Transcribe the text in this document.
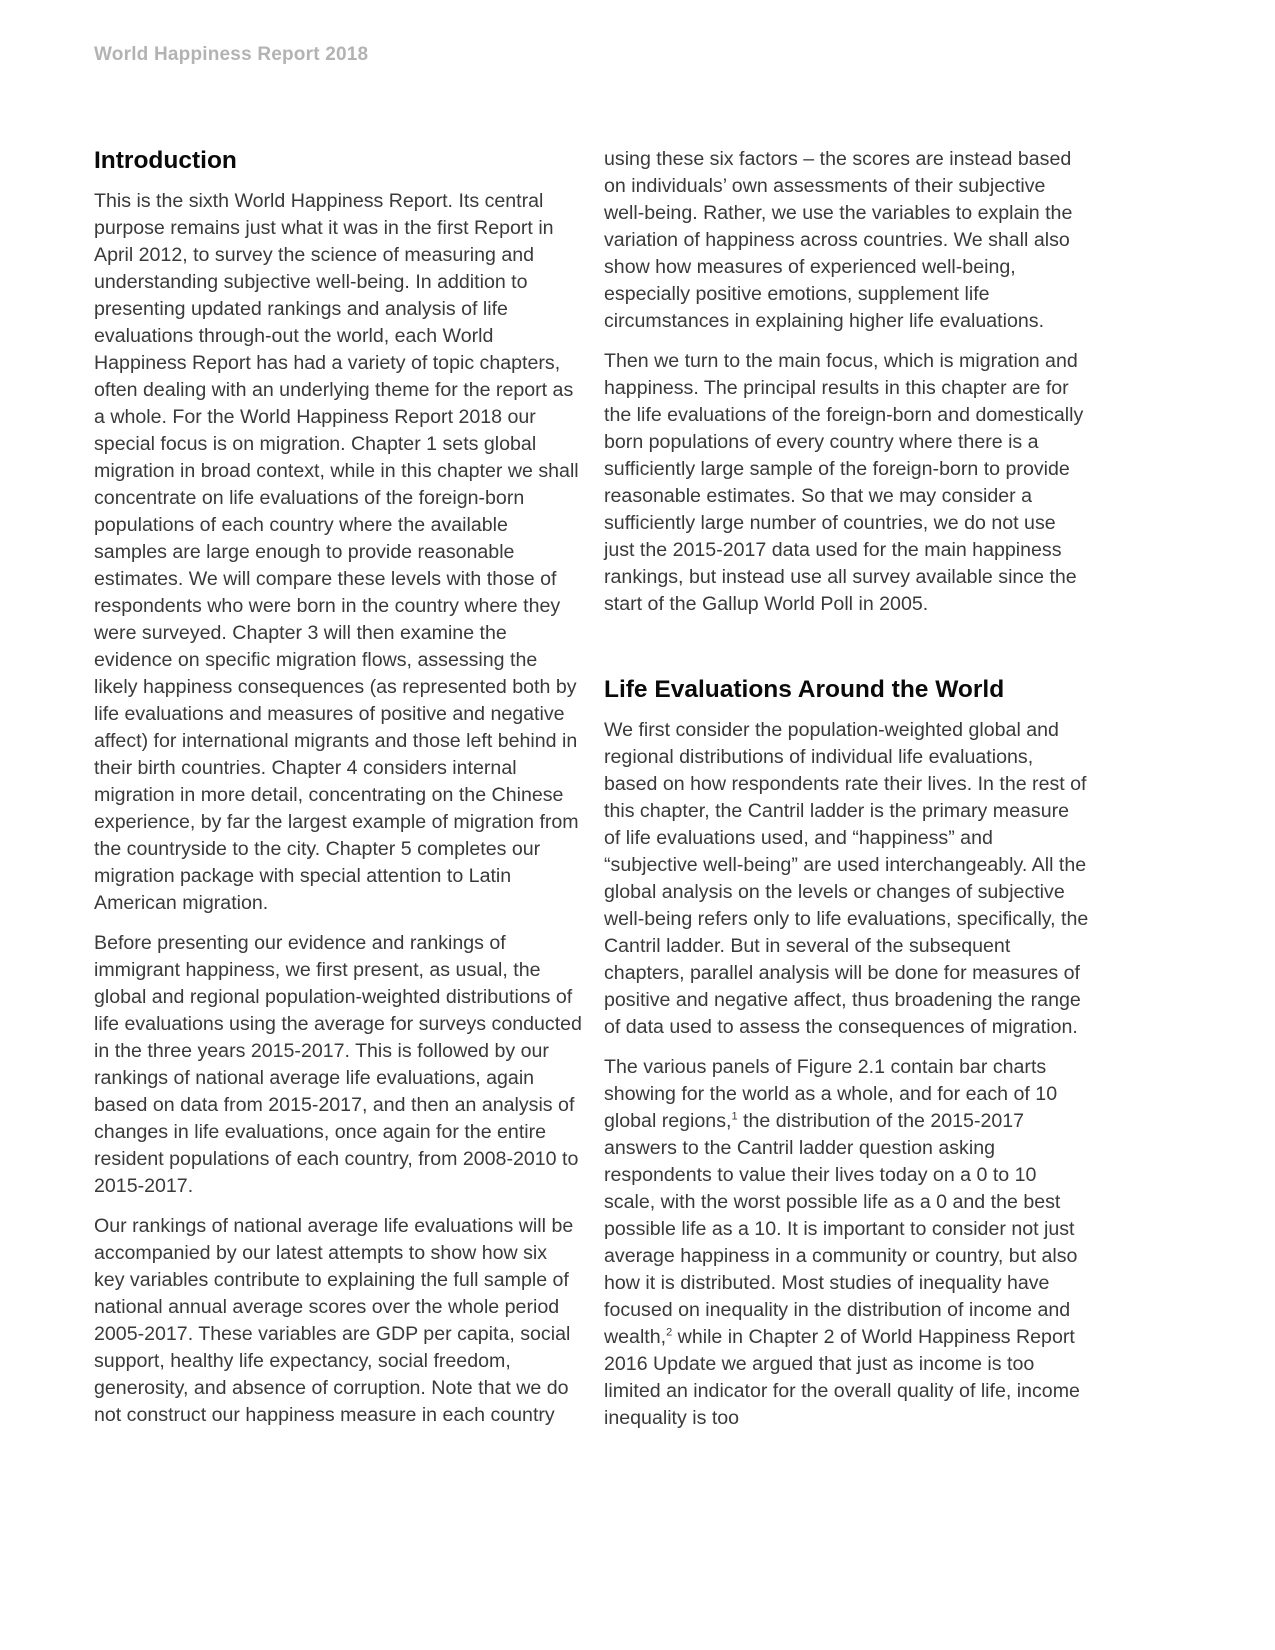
World Happiness Report 2018
Introduction

This is the sixth World Happiness Report. Its central purpose remains just what it was in the first Report in April 2012, to survey the science of measuring and understanding subjective well-being. In addition to presenting updated rankings and analysis of life evaluations through-out the world, each World Happiness Report has had a variety of topic chapters, often dealing with an underlying theme for the report as a whole. For the World Happiness Report 2018 our special focus is on migration. Chapter 1 sets global migration in broad context, while in this chapter we shall concentrate on life evaluations of the foreign-born populations of each country where the available samples are large enough to provide reasonable estimates. We will compare these levels with those of respondents who were born in the country where they were surveyed. Chapter 3 will then examine the evidence on specific migration flows, assessing the likely happiness consequences (as represented both by life evaluations and measures of positive and negative affect) for international migrants and those left behind in their birth countries. Chapter 4 considers internal migration in more detail, concentrating on the Chinese experience, by far the largest example of migration from the countryside to the city. Chapter 5 completes our migration package with special attention to Latin American migration.

Before presenting our evidence and rankings of immigrant happiness, we first present, as usual, the global and regional population-weighted distributions of life evaluations using the average for surveys conducted in the three years 2015-2017. This is followed by our rankings of national average life evaluations, again based on data from 2015-2017, and then an analysis of changes in life evaluations, once again for the entire resident populations of each country, from 2008-2010 to 2015-2017.

Our rankings of national average life evaluations will be accompanied by our latest attempts to show how six key variables contribute to explaining the full sample of national annual average scores over the whole period 2005-2017. These variables are GDP per capita, social support, healthy life expectancy, social freedom, generosity, and absence of corruption. Note that we do not construct our happiness measure in each country

using these six factors – the scores are instead based on individuals’ own assessments of their subjective well-being. Rather, we use the variables to explain the variation of happiness across countries. We shall also show how measures of experienced well-being, especially positive emotions, supplement life circumstances in explaining higher life evaluations.

Then we turn to the main focus, which is migration and happiness. The principal results in this chapter are for the life evaluations of the foreign-born and domestically born populations of every country where there is a sufficiently large sample of the foreign-born to provide reasonable estimates. So that we may consider a sufficiently large number of countries, we do not use just the 2015-2017 data used for the main happiness rankings, but instead use all survey available since the start of the Gallup World Poll in 2005.

Life Evaluations Around the World

We first consider the population-weighted global and regional distributions of individual life evaluations, based on how respondents rate their lives. In the rest of this chapter, the Cantril ladder is the primary measure of life evaluations used, and “happiness” and “subjective well-being” are used interchangeably. All the global analysis on the levels or changes of subjective well-being refers only to life evaluations, specifically, the Cantril ladder. But in several of the subsequent chapters, parallel analysis will be done for measures of positive and negative affect, thus broadening the range of data used to assess the consequences of migration.

The various panels of Figure 2.1 contain bar charts showing for the world as a whole, and for each of 10 global regions,$^1$ the distribution of the 2015-2017 answers to the Cantril ladder question asking respondents to value their lives today on a 0 to 10 scale, with the worst possible life as a 0 and the best possible life as a 10. It is important to consider not just average happiness in a community or country, but also how it is distributed. Most studies of inequality have focused on inequality in the distribution of income and wealth,$^2$ while in Chapter 2 of World Happiness Report 2016 Update we argued that just as income is too limited an indicator for the overall quality of life, income inequality is too
